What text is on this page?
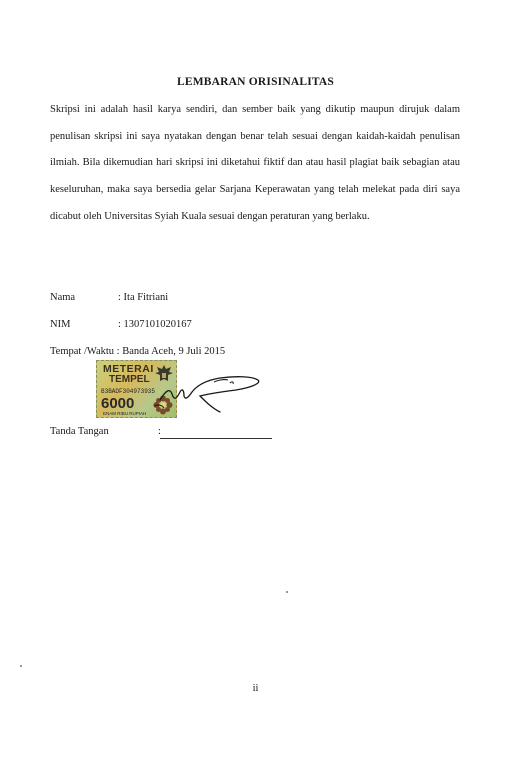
LEMBARAN ORISINALITAS
Skripsi ini adalah hasil karya sendiri, dan sember baik yang dikutip maupun dirujuk dalam penulisan skripsi ini saya nyatakan dengan benar telah sesuai dengan kaidah-kaidah penulisan ilmiah. Bila dikemudian hari skripsi ini diketahui fiktif dan atau hasil plagiat baik sebagian atau keseluruhan, maka saya bersedia gelar Sarjana Keperawatan yang telah melekat pada diri saya dicabut oleh Universitas Syiah Kuala sesuai dengan peraturan yang berlaku.
Nama	: Ita Fitriani
NIM	: 1307101020167
Tempat /Waktu : Banda Aceh, 9 Juli 2015
METERAI
TEMPEL
B3BADF304973935
6000
ENAM RIBU RUPIAH
Tanda Tangan	:
ii
